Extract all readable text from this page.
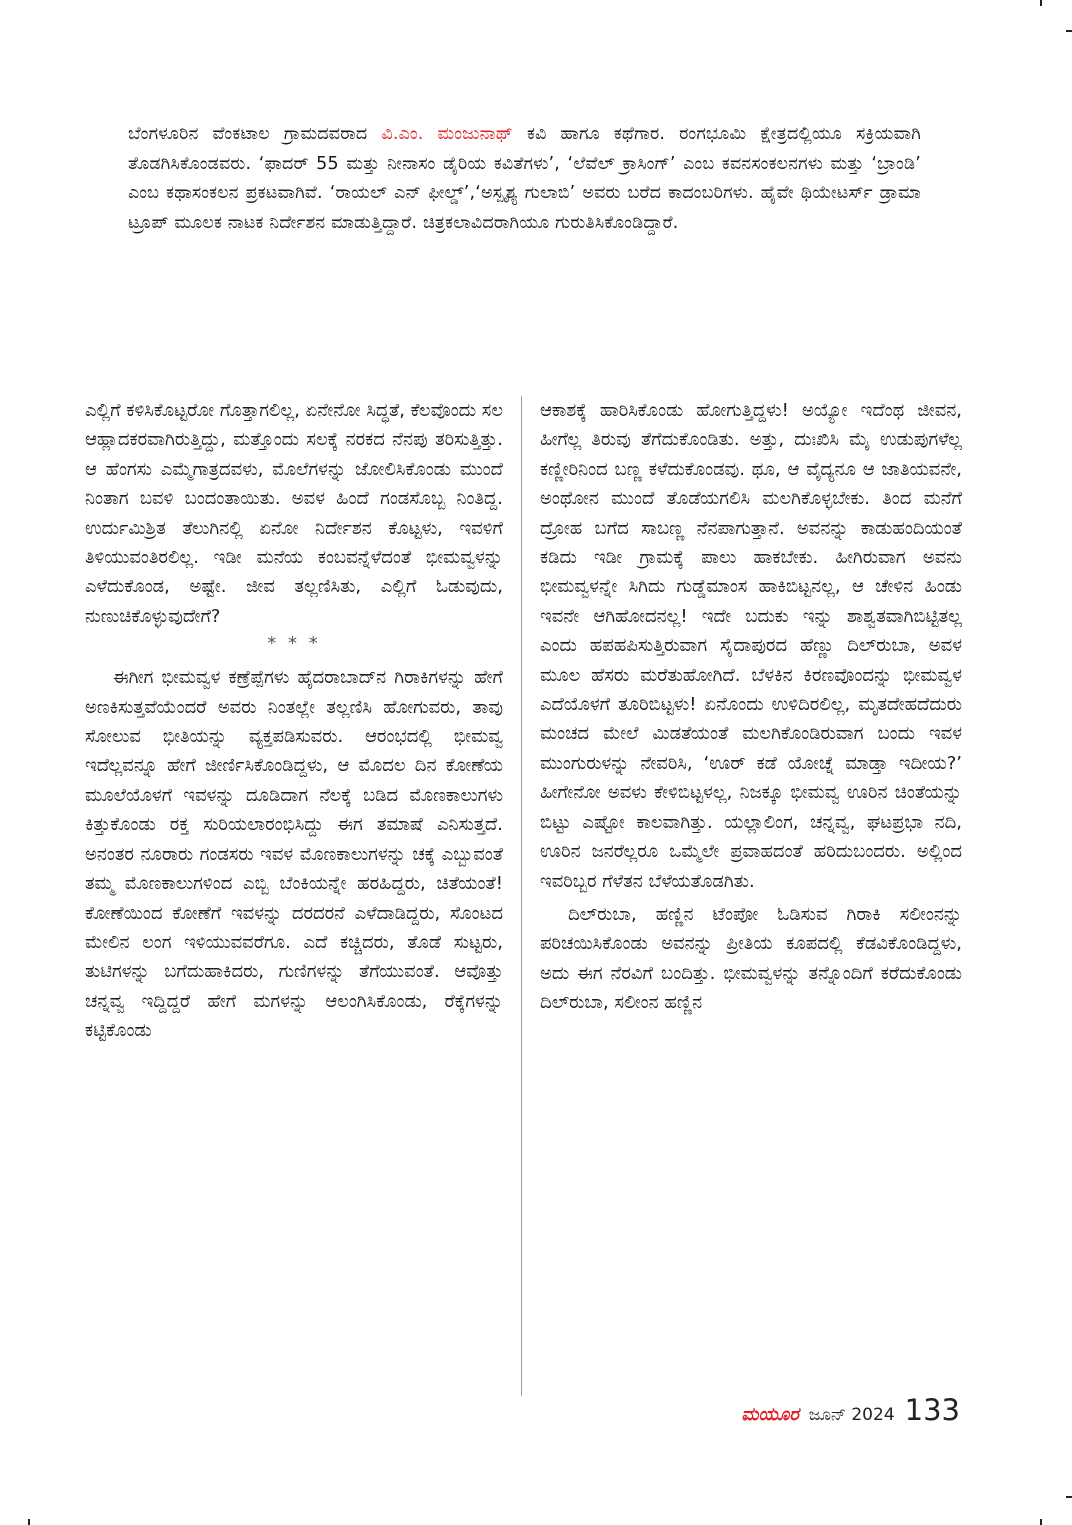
ಬೆಂಗಳೂರಿನ ವೆಂಕಟಾಲ ಗ್ರಾಮದವರಾದ ವಿ.ಎಂ. ಮಂಜುನಾಥ್ ಕವಿ ಹಾಗೂ ಕಥೆಗಾರ. ರಂಗಭೂಮಿ ಕ್ಷೇತ್ರದಲ್ಲಿಯೂ ಸಕ್ರಿಯವಾಗಿ ತೊಡಗಿಸಿಕೊಂಡವರು. ‘ಫಾದರ್ 55 ಮತ್ತು ನೀನಾಸಂ ಡೈರಿಯ ಕವಿತೆಗಳು’, ‘ಲೆವೆಲ್ ಕ್ರಾಸಿಂಗ್’ ಎಂಬ ಕವನಸಂಕಲನಗಳು ಮತ್ತು ‘ಬ್ರಾಂಡಿ’ ಎಂಬ ಕಥಾಸಂಕಲನ ಪ್ರಕಟವಾಗಿವೆ. ‘ರಾಯಲ್ ಎನ್ ಫೀಲ್ಡ್’,‘ಅಸ್ಪೃಶ್ಯ ಗುಲಾಬಿ’ ಅವರು ಬರೆದ ಕಾದಂಬರಿಗಳು. ಹೈವೇ ಥಿಯೇಟರ್ಸ್ ಡ್ರಾಮಾ ಟ್ರೂಪ್ ಮೂಲಕ ನಾಟಕ ನಿರ್ದೇಶನ ಮಾಡುತ್ತಿದ್ದಾರೆ. ಚಿತ್ರಕಲಾವಿದರಾಗಿಯೂ ಗುರುತಿಸಿಕೊಂಡಿದ್ದಾರೆ.

ಎಲ್ಲಿಗೆ ಕಳಿಸಿಕೊಟ್ಟರೋ ಗೊತ್ತಾಗಲಿಲ್ಲ, ಏನೇನೋ ಸಿದ್ಧತೆ, ಕೆಲವೊಂದು ಸಲ ಆಹ್ಲಾದಕರವಾಗಿರುತ್ತಿದ್ದು, ಮತ್ತೊಂದು ಸಲಕ್ಕೆ ನರಕದ ನೆನಪು ತರಿಸುತ್ತಿತ್ತು. ಆ ಹೆಂಗಸು ಎಮ್ಮೆಗಾತ್ರದವಳು, ಮೊಲೆಗಳನ್ನು ಜೋಲಿಸಿಕೊಂಡು ಮುಂದೆ ನಿಂತಾಗ ಬವಳಿ ಬಂದಂತಾಯಿತು. ಅವಳ ಹಿಂದೆ ಗಂಡಸೊಬ್ಬ ನಿಂತಿದ್ದ. ಉರ್ದುಮಿಶ್ರಿತ ತೆಲುಗಿನಲ್ಲಿ ಏನೋ ನಿರ್ದೇಶನ ಕೊಟ್ಟಳು, ಇವಳಿಗೆ ತಿಳಿಯುವಂತಿರಲಿಲ್ಲ. ಇಡೀ ಮನೆಯ ಕಂಬವನ್ನೆಳೆದಂತೆ ಭೀಮವ್ವಳನ್ನು ಎಳೆದುಕೊಂಡ, ಅಷ್ಟೇ. ಜೀವ ತಲ್ಲಣಿಸಿತು, ಎಲ್ಲಿಗೆ ಓಡುವುದು, ನುಣುಚಿಕೊಳ್ಳುವುದೇಗೆ?

* * *

ಈಗೀಗ ಭೀಮವ್ವಳ ಕಣ್ರೆಪ್ಪೆಗಳು ಹೈದರಾಬಾದ್‌ನ ಗಿರಾಕಿಗಳನ್ನು ಹೇಗೆ ಅಣಕಿಸುತ್ತವೆಯೆಂದರೆ ಅವರು ನಿಂತಲ್ಲೇ ತಲ್ಲಣಿಸಿ ಹೋಗುವರು, ತಾವು ಸೋಲುವ ಭೀತಿಯನ್ನು ವ್ಯಕ್ತಪಡಿಸುವರು. ಆರಂಭದಲ್ಲಿ ಭೀಮವ್ವ ಇದೆಲ್ಲವನ್ನೂ ಹೇಗೆ ಜೀರ್ಣಿಸಿಕೊಂಡಿದ್ದಳು, ಆ ಮೊದಲ ದಿನ ಕೋಣೆಯ ಮೂಲೆಯೊಳಗೆ ಇವಳನ್ನು ದೂಡಿದಾಗ ನೆಲಕ್ಕೆ ಬಡಿದ ಮೊಣಕಾಲುಗಳು ಕಿತ್ತುಕೊಂಡು ರಕ್ತ ಸುರಿಯಲಾರಂಭಿಸಿದ್ದು ಈಗ ತಮಾಷೆ ಎನಿಸುತ್ತದೆ. ಅನಂತರ ನೂರಾರು ಗಂಡಸರು ಇವಳ ಮೊಣಕಾಲುಗಳನ್ನು ಚಕ್ಕೆ ಎಬ್ಬುವಂತೆ ತಮ್ಮ ಮೊಣಕಾಲುಗಳಿಂದ ಎಬ್ಬಿ ಬೆಂಕಿಯನ್ನೇ ಹರಹಿದ್ದರು, ಚಿತೆಯಂತೆ! ಕೋಣೆಯಿಂದ ಕೋಣೆಗೆ ಇವಳನ್ನು ದರದರನೆ ಎಳೆದಾಡಿದ್ದರು, ಸೊಂಟದ ಮೇಲಿನ ಲಂಗ ಇಳಿಯುವವರೆಗೂ. ಎದೆ ಕಚ್ಚಿದರು, ತೊಡೆ ಸುಟ್ಟರು, ತುಟಿಗಳನ್ನು ಬಗೆದುಹಾಕಿದರು, ಗುಣಿಗಳನ್ನು ತೆಗೆಯುವಂತೆ. ಆವೊತ್ತು ಚನ್ನವ್ವ ಇದ್ದಿದ್ದರೆ ಹೇಗೆ ಮಗಳನ್ನು ಆಲಂಗಿಸಿಕೊಂಡು, ರೆಕ್ಕೆಗಳನ್ನು ಕಟ್ಟಿಕೊಂಡು

ಆಕಾಶಕ್ಕೆ ಹಾರಿಸಿಕೊಂಡು ಹೋಗುತ್ತಿದ್ದಳು! ಅಯ್ಯೋ ಇದೆಂಥ ಜೀವನ, ಹೀಗೆಲ್ಲ ತಿರುವು ತೆಗೆದುಕೊಂಡಿತು. ಅತ್ತು, ದುಃಖಿಸಿ ಮೈ ಉಡುಪುಗಳೆಲ್ಲ ಕಣ್ಣೀರಿನಿಂದ ಬಣ್ಣ ಕಳೆದುಕೊಂಡವು. ಥೂ, ಆ ವೈದ್ಯನೂ ಆ ಜಾತಿಯವನೇ, ಅಂಥೋನ ಮುಂದೆ ತೊಡೆಯಗಲಿಸಿ ಮಲಗಿಕೊಳ್ಳಬೇಕು. ತಿಂದ ಮನೆಗೆ ದ್ರೋಹ ಬಗೆದ ಸಾಬಣ್ಣ ನೆನಪಾಗುತ್ತಾನೆ. ಅವನನ್ನು ಕಾಡುಹಂದಿಯಂತೆ ಕಡಿದು ಇಡೀ ಗ್ರಾಮಕ್ಕೆ ಪಾಲು ಹಾಕಬೇಕು. ಹೀಗಿರುವಾಗ ಅವನು ಭೀಮವ್ವಳನ್ನೇ ಸಿಗಿದು ಗುಡ್ಡೆಮಾಂಸ ಹಾಕಿಬಿಟ್ಟನಲ್ಲ, ಆ ಚೇಳಿನ ಹಿಂಡು ಇವನೇ ಆಗಿಹೋದನಲ್ಲ! ಇದೇ ಬದುಕು ಇನ್ನು ಶಾಶ್ವತವಾಗಿಬಿಟ್ಟಿತಲ್ಲ ಎಂದು ಹಪಹಪಿಸುತ್ತಿರುವಾಗ ಸೈದಾಪುರದ ಹೆಣ್ಣು ದಿಲ್‌ರುಬಾ, ಅವಳ ಮೂಲ ಹೆಸರು ಮರೆತುಹೋಗಿದೆ. ಬೆಳಕಿನ ಕಿರಣವೊಂದನ್ನು ಭೀಮವ್ವಳ ಎದೆಯೊಳಗೆ ತೂರಿಬಿಟ್ಟಳು! ಏನೊಂದು ಉಳಿದಿರಲಿಲ್ಲ, ಮೃತದೇಹದೆದುರು ಮಂಚದ ಮೇಲೆ ಮಿಡತೆಯಂತೆ ಮಲಗಿಕೊಂಡಿರುವಾಗ ಬಂದು ಇವಳ ಮುಂಗುರುಳನ್ನು ನೇವರಿಸಿ, ‘ಊರ್ ಕಡೆ ಯೋಚ್ನೆ ಮಾಡ್ತಾ ಇದೀಯ?’ ಹೀಗೇನೋ ಅವಳು ಕೇಳಿಬಿಟ್ಟಳಲ್ಲ, ನಿಜಕ್ಕೂ ಭೀಮವ್ವ ಊರಿನ ಚಿಂತೆಯನ್ನು ಬಿಟ್ಟು ಎಷ್ಟೋ ಕಾಲವಾಗಿತ್ತು. ಯಲ್ಲಾಲಿಂಗ, ಚನ್ನವ್ವ, ಘಟಪ್ರಭಾ ನದಿ, ಊರಿನ ಜನರೆಲ್ಲರೂ ಒಮ್ಮೆಲೇ ಪ್ರವಾಹದಂತೆ ಹರಿದುಬಂದರು. ಅಲ್ಲಿಂದ ಇವರಿಬ್ಬರ ಗೆಳೆತನ ಬೆಳೆಯತೊಡಗಿತು.

ದಿಲ್‌ರುಬಾ, ಹಣ್ಣಿನ ಟೆಂಪೋ ಓಡಿಸುವ ಗಿರಾಕಿ ಸಲೀಂನನ್ನು ಪರಿಚಯಿಸಿಕೊಂಡು ಅವನನ್ನು ಪ್ರೀತಿಯ ಕೂಪದಲ್ಲಿ ಕೆಡವಿಕೊಂಡಿದ್ದಳು, ಅದು ಈಗ ನೆರವಿಗೆ ಬಂದಿತ್ತು. ಭೀಮವ್ವಳನ್ನು ತನ್ನೊಂದಿಗೆ ಕರೆದುಕೊಂಡು ದಿಲ್‌ರುಬಾ, ಸಲೀಂನ ಹಣ್ಣಿನ

ಮಯೂರ ಜೂನ್ 2024 133
